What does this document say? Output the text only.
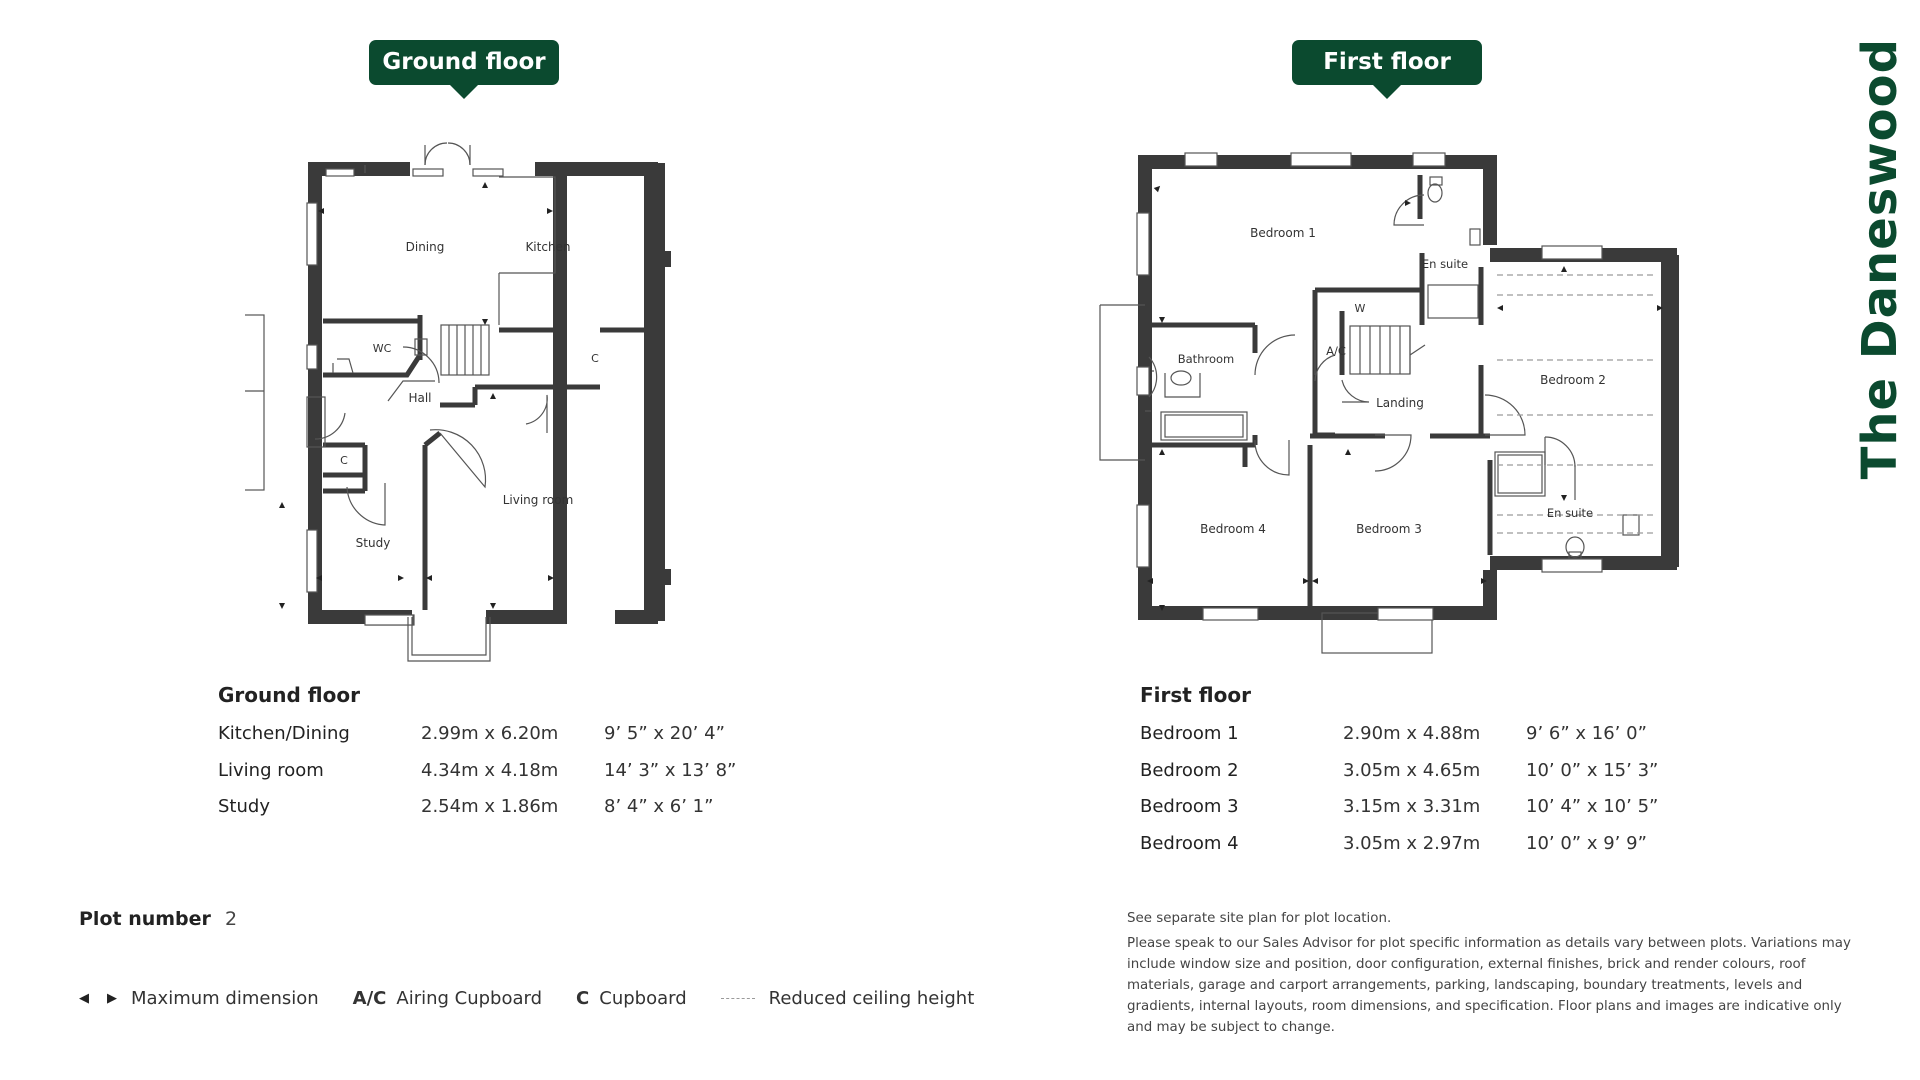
Ground floor	First floor	The Daneswood
Dining	Kitchen
WC
C
Hall
C
Living room
Study
Bedroom 1
En suite
W
Bathroom
A/C
Landing
Bedroom 2
En suite
Bedroom 4	Bedroom 3
Ground floor
Kitchen/Dining	2.99m x 6.20m	9’ 5” x 20’ 4”
Living room	4.34m x 4.18m	14’ 3” x 13’ 8”
Study	2.54m x 1.86m	8’ 4” x 6’ 1”
First floor
Bedroom 1	2.90m x 4.88m	9’ 6” x 16’ 0”
Bedroom 2	3.05m x 4.65m	10’ 0” x 15’ 3”
Bedroom 3	3.15m x 3.31m	10’ 4” x 10’ 5”
Bedroom 4	3.05m x 2.97m	10’ 0” x 9’ 9”
Plot number 2
◀ ▶ Maximum dimension A/C Airing Cupboard C Cupboard	Reduced ceiling height

See separate site plan for plot location.

Please speak to our Sales Advisor for plot specific information as details vary between plots. Variations may include window size and position, door configuration, external finishes, brick and render colours, roof materials, garage and carport arrangements, parking, landscaping, boundary treatments, levels and gradients, internal layouts, room dimensions, and specification. Floor plans and images are indicative only and may be subject to change.
